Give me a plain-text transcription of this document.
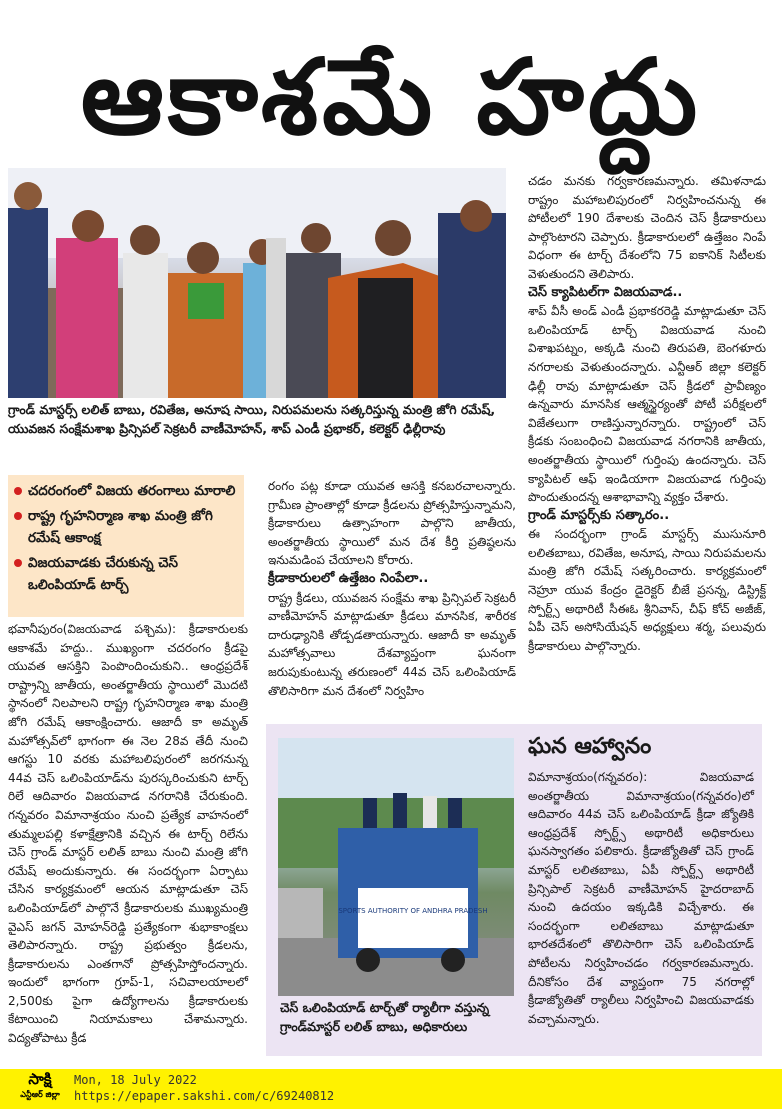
ఆకాశమే హద్దు
గ్రాండ్ మాస్టర్స్ లలిత్ బాబు, రవితేజ, అనూష సాయి, నిరుపమలను సత్కరిస్తున్న మంత్రి జోగి రమేష్, యువజన సంక్షేమశాఖ ప్రిన్సిపల్ సెక్రటరీ వాణీమోహన్, శాప్ ఎండీ ప్రభాకర్, కలెక్టర్ ఢిల్లీరావు
చదరంగంలో విజయ తరంగాలు మారాలి
రాష్ట్ర గృహనిర్మాణ శాఖ మంత్రి జోగి రమేష్ ఆకాంక్ష
విజయవాడకు చేరుకున్న చెస్ ఒలింపియాడ్ టార్చ్

భవానీపురం(విజయవాడ పశ్చిమ): క్రీడాకారులకు ఆకాశమే హద్దు.. ముఖ్యంగా చదరంగం క్రీడపై యువత ఆసక్తిని పెంపొందించుకుని.. ఆంధ్రప్రదేశ్ రాష్ట్రాన్ని జాతీయ, అంతర్జాతీయ స్థాయిలో మొదటి స్థానంలో నిలపాలని రాష్ట్ర గృహనిర్మాణ శాఖ మంత్రి జోగి రమేష్ ఆకాంక్షించారు. ఆజాదీ కా అమృత్ మహోత్సవ్‌లో భాగంగా ఈ నెల 28వ తేదీ నుంచి ఆగస్టు 10 వరకు మహాబలిపురంలో జరగనున్న 44వ చెస్ ఒలింపియాడ్‌ను పురస్కరించుకుని టార్చ్ రిలే ఆదివారం విజయవాడ నగరానికి చేరుకుంది. గన్నవరం విమానాశ్రయం నుంచి ప్రత్యేక వాహనంలో తుమ్మలపల్లి కళాక్షేత్రానికి వచ్చిన ఈ టార్చ్ రిలేను చెస్ గ్రాండ్ మాస్టర్ లలిత్ బాబు నుంచి మంత్రి జోగి రమేష్ అందుకున్నారు. ఈ సందర్భంగా ఏర్పాటు చేసిన కార్యక్రమంలో ఆయన మాట్లాడుతూ చెస్ ఒలింపియాడ్‌లో పాల్గొనే క్రీడాకారులకు ముఖ్యమంత్రి వైఎస్ జగన్ మోహన్‌రెడ్డి ప్రత్యేకంగా శుభాకాంక్షలు తెలిపారన్నారు. రాష్ట్ర ప్రభుత్వం క్రీడలను, క్రీడాకారులను ఎంతగానో ప్రోత్సహిస్తోందన్నారు. ఇందులో భాగంగా గ్రూప్-1, సచివాలయాలలో 2,500కు పైగా ఉద్యోగాలను క్రీడాకారులకు కేటాయించి నియామకాలు చేశామన్నారు. విద్యతోపాటు క్రీడ

రంగం పట్ల కూడా యువత ఆసక్తి కనబరచాలన్నారు. గ్రామీణ ప్రాంతాల్లో కూడా క్రీడలను ప్రోత్సహిస్తున్నామని, క్రీడాకారులు ఉత్సాహంగా పాల్గొని జాతీయ, అంతర్జాతీయ స్థాయిలో మన దేశ కీర్తి ప్రతిష్ఠలను ఇనుమడింప చేయాలని కోరారు.

క్రీడాకారులలో ఉత్తేజం నింపేలా..

రాష్ట్ర క్రీడలు, యువజన సంక్షేమ శాఖ ప్రిన్సిపల్ సెక్రటరీ వాణీమోహన్ మాట్లాడుతూ క్రీడలు మానసిక, శారీరక దారుఢ్యానికి తోడ్పడతాయన్నారు. ఆజాదీ కా అమృత్ మహోత్సవాలు దేశవ్యాప్తంగా ఘనంగా జరుపుకుంటున్న తరుణంలో 44వ చెస్ ఒలింపియాడ్ తొలిసారిగా మన దేశంలో నిర్వహిం

చడం మనకు గర్వకారణమన్నారు. తమిళనాడు రాష్ట్రం మహాబలిపురంలో నిర్వహించనున్న ఈ పోటీలలో 190 దేశాలకు చెందిన చెస్ క్రీడాకారులు పాల్గొంటారని చెప్పారు. క్రీడాకారులలో ఉత్తేజం నింపే విధంగా ఈ టార్చ్ దేశంలోని 75 ఐకానిక్ సిటీలకు వెళుతుందని తెలిపారు.

చెస్ క్యాపిటల్‌గా విజయవాడ..

శాప్ వీసీ అండ్ ఎండీ ప్రభాకరరెడ్డి మాట్లాడుతూ చెస్ ఒలింపియాడ్ టార్చ్ విజయవాడ నుంచి విశాఖపట్నం, అక్కడి నుంచి తిరుపతి, బెంగళూరు నగరాలకు వెళుతుందన్నారు. ఎన్టీఆర్ జిల్లా కలెక్టర్ ఢిల్లీ రావు మాట్లాడుతూ చెస్ క్రీడలో ప్రావీణ్యం ఉన్నవారు మానసిక ఆత్మస్థైర్యంతో పోటీ పరీక్షలలో విజేతలుగా రాణిస్తున్నారన్నారు. రాష్ట్రంలో చెస్ క్రీడకు సంబంధించి విజయవాడ నగరానికి జాతీయ, అంతర్జాతీయ స్థాయిలో గుర్తింపు ఉందన్నారు. చెస్ క్యాపిటల్ ఆఫ్ ఇండియాగా విజయవాడ గుర్తింపు పొందుతుందన్న ఆశాభావాన్ని వ్యక్తం చేశారు.

గ్రాండ్ మాస్టర్స్‌కు సత్కారం..

ఈ సందర్భంగా గ్రాండ్ మాస్టర్స్ ముసునూరి లలితబాబు, రవితేజ, అనూష, సాయి నిరుపమలను మంత్రి జోగి రమేష్ సత్కరించారు. కార్యక్రమంలో నెహ్రూ యువ కేంద్రం డైరెక్టర్ బీజే ప్రసన్న, డిస్ట్రిక్ట్ స్పోర్ట్స్ అథారిటీ సీఈఓ శ్రీనివాస్, చీఫ్ కోచ్ అజీజ్, ఏపీ చెస్ అసోసియేషన్ అధ్యక్షులు శర్మ, పలువురు క్రీడాకారులు పాల్గొన్నారు.

SPORTS AUTHORITY OF ANDHRA PRADESH
చెస్ ఒలింపియాడ్ టార్చ్‌తో ర్యాలీగా వస్తున్న గ్రాండ్‌మాస్టర్ లలిత్ బాబు, అధికారులు
ఘన ఆహ్వానం
విమానాశ్రయం(గన్నవరం): విజయవాడ అంతర్జాతీయ విమానాశ్రయం(గన్నవరం)లో ఆదివారం 44వ చెస్ ఒలింపియాడ్ క్రీడా జ్యోతికి ఆంధ్రప్రదేశ్ స్పోర్ట్స్ అథారిటీ అధికారులు ఘనస్వాగతం పలికారు. క్రీడాజ్యోతితో చెస్ గ్రాండ్ మాస్టర్ లలితబాబు, ఏపీ స్పోర్ట్స్ అథారిటీ ప్రిన్సిపాల్ సెక్రటరీ వాణీమోహన్ హైదరాబాద్ నుంచి ఉదయం ఇక్కడికి విచ్చేశారు. ఈ సందర్భంగా లలితబాబు మాట్లాడుతూ భారతదేశంలో తొలిసారిగా చెస్ ఒలింపియాడ్ పోటీలను నిర్వహించడం గర్వకారణమన్నారు. దీనికోసం దేశ వ్యాప్తంగా 75 నగరాల్లో క్రీడాజ్యోతితో ర్యాలీలు నిర్వహించి విజయవాడకు వచ్చామన్నారు.
సాక్షి
ఎన్టీఆర్ జిల్లా
Mon, 18 July 2022
https://epaper.sakshi.com/c/69240812
